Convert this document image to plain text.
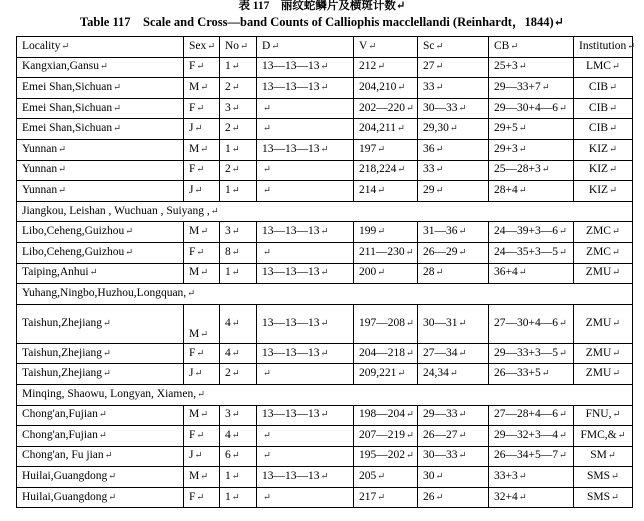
表 117　丽纹蛇鳞片及横斑计数↵
Table 117　Scale and Cross—band Counts of Calliophis macclellandi (Reinhardt，1844)↵
Locality↵	Sex↵	No↵	D↵	V↵	Sc↵	CB↵	Institution↵
Kangxian,Gansu↵	F↵	1↵	13—13—13↵	212↵	27↵	25+3↵	LMC↵
Emei Shan,Sichuan↵	M↵	2↵	13—13—13↵	204,210↵	33↵	29—33+7↵	CIB↵
Emei Shan,Sichuan↵	F↵	3↵	↵	202—220↵	30—33↵	29—30+4—6↵	CIB↵
Emei Shan,Sichuan↵	J↵	2↵	↵	204,211↵	29,30↵	29+5↵	CIB↵
Yunnan↵	M↵	1↵	13—13—13↵	197↵	36↵	29+3↵	KIZ↵
Yunnan↵	F↵	2↵	↵	218,224↵	33↵	25—28+3↵	KIZ↵
Yunnan↵	J↵	1↵	↵	214↵	29↵	28+4↵	KIZ↵
Jiangkou, Leishan , Wuchuan , Suiyang ,↵							
Libo,Ceheng,Guizhou↵	M↵	3↵	13—13—13↵	199↵	31—36↵	24—39+3—6↵	ZMC↵
Libo,Ceheng,Guizhou↵	F↵	8↵	↵	211—230↵	26—29↵	24—35+3—5↵	ZMC↵
Taiping,Anhui↵	M↵	1↵	13—13—13↵	200↵	28↵	36+4↵	ZMU↵
Yuhang,Ningbo,Huzhou,Longquan,↵							
Taishun,Zhejiang↵	M↵	4↵	13—13—13↵	197—208↵	30—31↵	27—30+4—6↵	ZMU↵
Taishun,Zhejiang↵	F↵	4↵	13—13—13↵	204—218↵	27—34↵	29—33+3—5↵	ZMU↵
Taishun,Zhejiang↵	J↵	2↵	↵	209,221↵	24,34↵	26—33+5↵	ZMU↵
Minqing, Shaowu, Longyan, Xiamen,↵							
Chong'an,Fujian↵	M↵	3↵	13—13—13↵	198—204↵	29—33↵	27—28+4—6↵	FNU,↵
Chong'an,Fujian↵	F↵	4↵	↵	207—219↵	26—27↵	29—32+3—4↵	FMC,&↵
Chong'an, Fu jian↵	J↵	6↵	↵	195—202↵	30—33↵	26—34+5—7↵	SM↵
Huilai,Guangdong↵	M↵	1↵	13—13—13↵	205↵	30↵	33+3↵	SMS↵
Huilai,Guangdong↵	F↵	1↵	↵	217↵	26↵	32+4↵	SMS↵
